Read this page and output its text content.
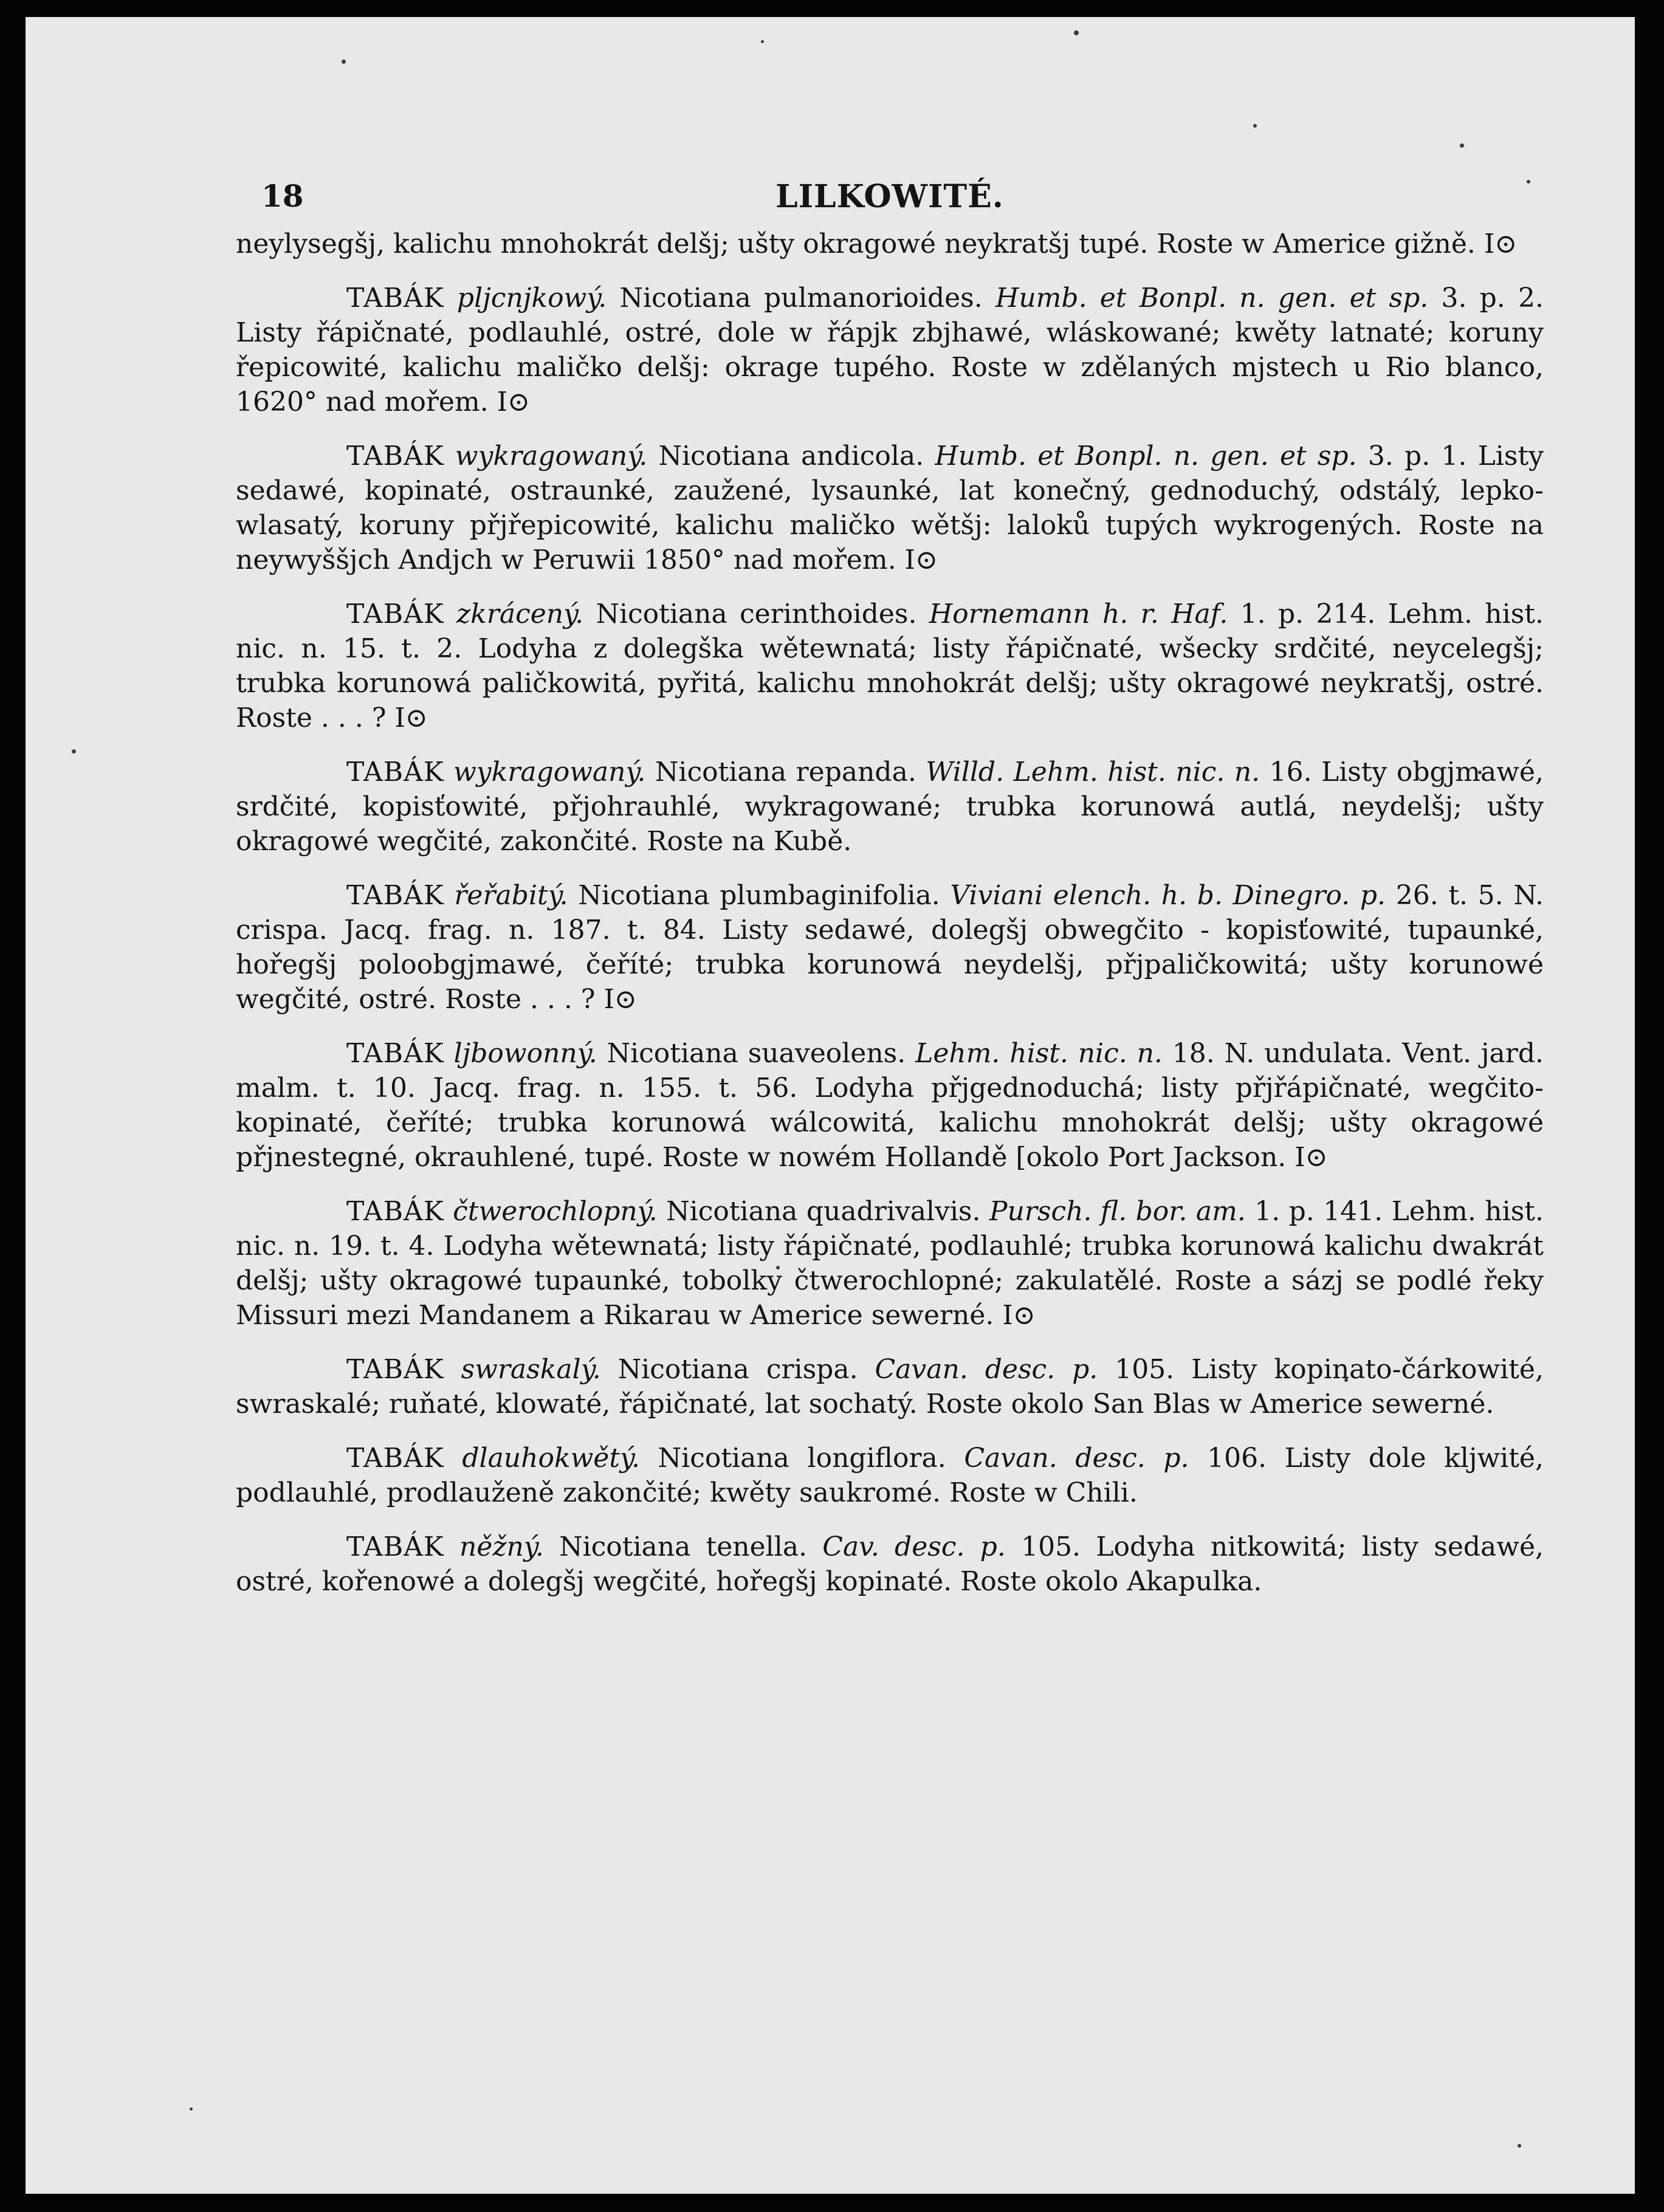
18	LILKOWITÉ.

neylysegšj, kalichu mnohokrát delšj; ušty okragowé neykratšj tupé. Roste w Americe gižně. I⊙

TABÁK pljcnjkowý. Nicotiana pulmanorioides. Humb. et Bonpl. n. gen. et sp. 3. p. 2. Listy řápičnaté, podlauhlé, ostré, dole w řápjk zbjhawé, wláskowané; kwěty latnaté; koruny řepicowité, kalichu maličko delšj: okrage tupého. Roste w zdělaných mjstech u Rio blanco, 1620° nad mořem. I⊙

TABÁK wykragowaný. Nicotiana andicola. Humb. et Bonpl. n. gen. et sp. 3. p. 1. Listy sedawé, kopinaté, ostraunké, zaužené, lysaunké, lat konečný, gednoduchý, odstálý, lepko-wlasatý, koruny přjřepicowité, kalichu maličko wětšj: laloků tupých wykrogených. Roste na neywyššjch Andjch w Peruwii 1850° nad mořem. I⊙

TABÁK zkrácený. Nicotiana cerinthoides. Hornemann h. r. Haf. 1. p. 214. Lehm. hist. nic. n. 15. t. 2. Lodyha z dolegška wětewnatá; listy řápičnaté, wšecky srdčité, neycelegšj; trubka korunowá paličkowitá, pyřitá, kalichu mnohokrát delšj; ušty okragowé neykratšj, ostré. Roste . . . ? I⊙

TABÁK wykragowaný. Nicotiana repanda. Willd. Lehm. hist. nic. n. 16. Listy obgjmawé, srdčité, kopisťowité, přjohrauhlé, wykragowané; trubka korunowá autlá, neydelšj; ušty okragowé wegčité, zakončité. Roste na Kubě.

TABÁK řeřabitý. Nicotiana plumbaginifolia. Viviani elench. h. b. Dinegro. p. 26. t. 5. N. crispa. Jacq. frag. n. 187. t. 84. Listy sedawé, dolegšj obwegčito - kopisťowité, tupaunké, hořegšj poloobgjmawé, čeříté; trubka korunowá neydelšj, přjpaličkowitá; ušty korunowé wegčité, ostré. Roste . . . ? I⊙

TABÁK ljbowonný. Nicotiana suaveolens. Lehm. hist. nic. n. 18. N. undulata. Vent. jard. malm. t. 10. Jacq. frag. n. 155. t. 56. Lodyha přjgednoduchá; listy přjřápičnaté, wegčito-kopinaté, čeříté; trubka korunowá wálcowitá, kalichu mnohokrát delšj; ušty okragowé přjnestegné, okrauhlené, tupé. Roste w nowém Hollandě [okolo Port Jackson. I⊙

TABÁK čtwerochlopný. Nicotiana quadrivalvis. Pursch. fl. bor. am. 1. p. 141. Lehm. hist. nic. n. 19. t. 4. Lodyha wětewnatá; listy řápičnaté, podlauhlé; trubka korunowá kalichu dwakrát delšj; ušty okragowé tupaunké, tobolky čtwerochlopné; zakulatělé. Roste a sázj se podlé řeky Missuri mezi Mandanem a Rikarau w Americe sewerné. I⊙

TABÁK swraskalý. Nicotiana crispa. Cavan. desc. p. 105. Listy kopinato-čárkowité, swraskalé; ruňaté, klowaté, řápičnaté, lat sochatý. Roste okolo San Blas w Americe sewerné.

TABÁK dlauhokwětý. Nicotiana longiflora. Cavan. desc. p. 106. Listy dole kljwité, podlauhlé, prodlauženě zakončité; kwěty saukromé. Roste w Chili.

TABÁK něžný. Nicotiana tenella. Cav. desc. p. 105. Lodyha nitkowitá; listy sedawé, ostré, kořenowé a dolegšj wegčité, hořegšj kopinaté. Roste okolo Akapulka.
